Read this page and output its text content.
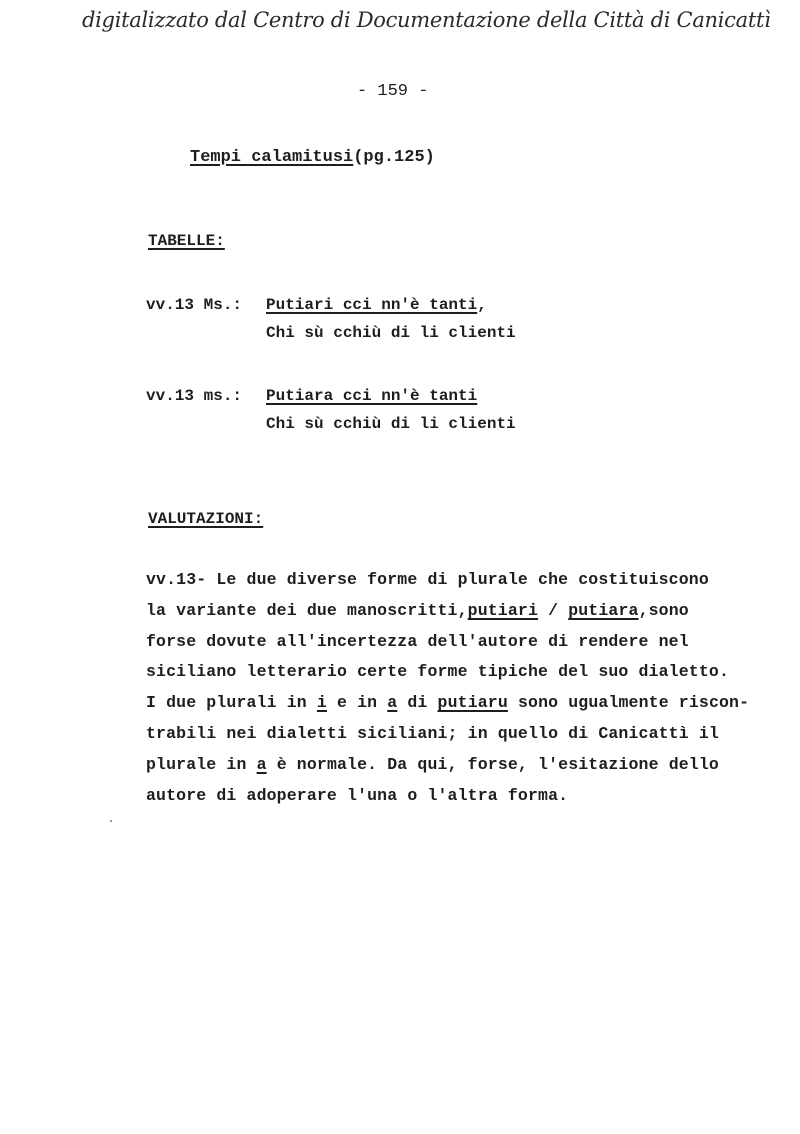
digitalizzato dal Centro di Documentazione della Città di Canicattì
- 159 -
Tempi calamitusi(pg.125)
TABELLE:
vv.13 Ms.: Putiari cci nn'è tanti,
Chi sù cchiù di li clienti
vv.13 ms.: Putiara cci nn'è tanti
Chi sù cchiù di li clienti
VALUTAZIONI:
vv.13- Le due diverse forme di plurale che costituiscono
la variante dei due manoscritti,putiari / putiara,sono
forse dovute all'incertezza dell'autore di rendere nel
siciliano letterario certe forme tipiche del suo dialetto.
I due plurali in i e in a di putiaru sono ugualmente riscon-
trabili nei dialetti siciliani; in quello di Canicattì il
plurale in a è normale. Da qui, forse, l'esitazione dello
autore di adoperare l'una o l'altra forma.
